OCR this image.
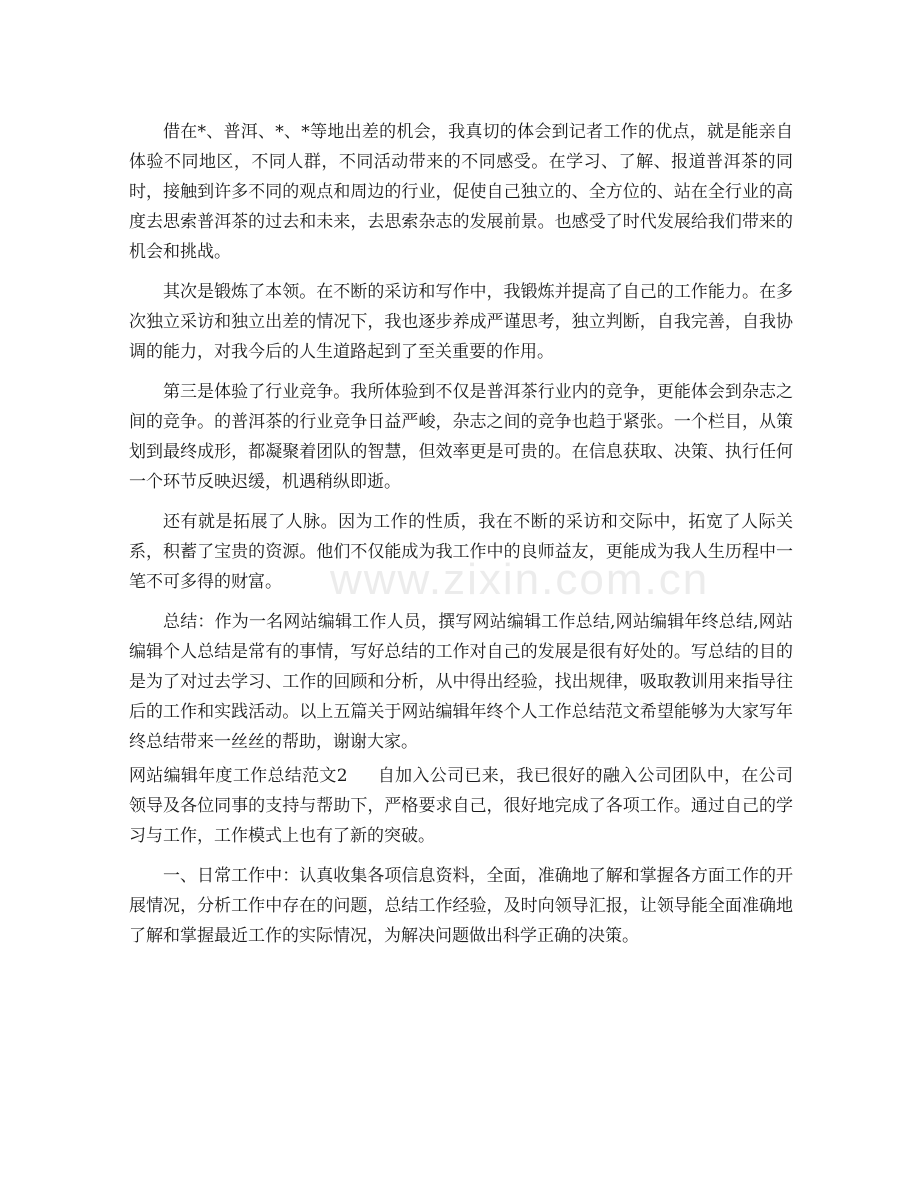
www.zixin.com.cn

借在*、普洱、*、*等地出差的机会，我真切的体会到记者工作的优点，就是能亲自体验不同地区，不同人群，不同活动带来的不同感受。在学习、了解、报道普洱茶的同时，接触到许多不同的观点和周边的行业，促使自己独立的、全方位的、站在全行业的高度去思索普洱茶的过去和未来，去思索杂志的发展前景。也感受了时代发展给我们带来的机会和挑战。

其次是锻炼了本领。在不断的采访和写作中，我锻炼并提高了自己的工作能力。在多次独立采访和独立出差的情况下，我也逐步养成严谨思考，独立判断，自我完善，自我协调的能力，对我今后的人生道路起到了至关重要的作用。

第三是体验了行业竞争。我所体验到不仅是普洱茶行业内的竞争，更能体会到杂志之间的竞争。的普洱茶的行业竞争日益严峻，杂志之间的竞争也趋于紧张。一个栏目，从策划到最终成形，都凝聚着团队的智慧，但效率更是可贵的。在信息获取、决策、执行任何一个环节反映迟缓，机遇稍纵即逝。

还有就是拓展了人脉。因为工作的性质，我在不断的采访和交际中，拓宽了人际关系，积蓄了宝贵的资源。他们不仅能成为我工作中的良师益友，更能成为我人生历程中一笔不可多得的财富。

总结：作为一名网站编辑工作人员，撰写网站编辑工作总结,网站编辑年终总结,网站编辑个人总结是常有的事情，写好总结的工作对自己的发展是很有好处的。写总结的目的是为了对过去学习、工作的回顾和分析，从中得出经验，找出规律，吸取教训用来指导往后的工作和实践活动。以上五篇关于网站编辑年终个人工作总结范文希望能够为大家写年终总结带来一丝丝的帮助，谢谢大家。

网站编辑年度工作总结范文2 自加入公司已来，我已很好的融入公司团队中，在公司领导及各位同事的支持与帮助下，严格要求自己，很好地完成了各项工作。通过自己的学习与工作，工作模式上也有了新的突破。

一、日常工作中：认真收集各项信息资料，全面，准确地了解和掌握各方面工作的开展情况，分析工作中存在的问题，总结工作经验，及时向领导汇报，让领导能全面准确地了解和掌握最近工作的实际情况，为解决问题做出科学正确的决策。
